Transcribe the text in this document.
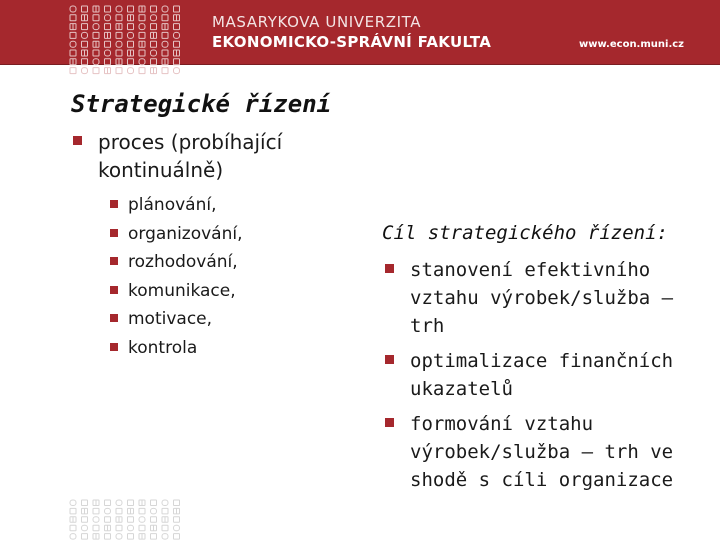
MASARYKOVA UNIVERZITA
EKONOMICKO-SPRÁVNÍ FAKULTA	www.econ.muni.cz
Strategické řízení
proces (probíhající
kontinuálně)
plánování,
organizování,
rozhodování,
komunikace,
motivace,
kontrola
Cíl strategického řízení:
stanovení efektivního
vztahu výrobek/služba –
trh
optimalizace finančních
ukazatelů
formování vztahu
výrobek/služba – trh ve
shodě s cíli organizace
